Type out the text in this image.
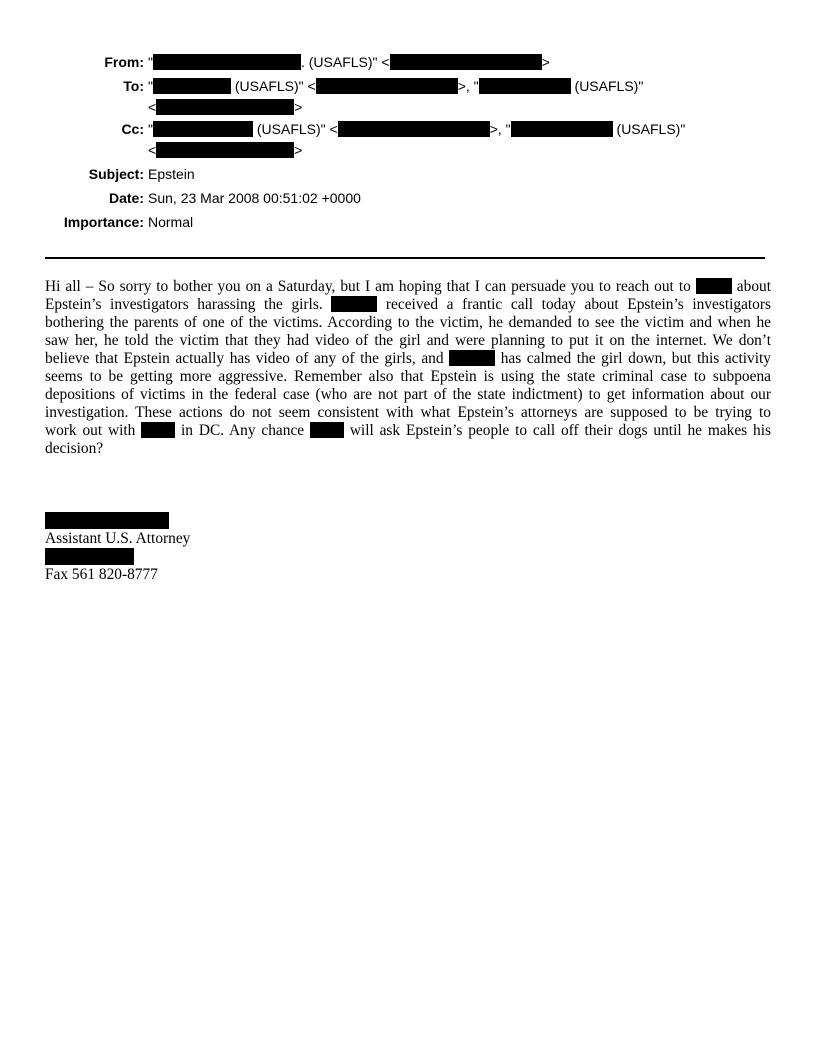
From: "	. (USAFLS)" <	>
To: "	(USAFLS)" <	>, "	(USAFLS)"
<	>
Cc: "	(USAFLS)" <	>, "	(USAFLS)"
<	>
Subject: Epstein
Date: Sun, 23 Mar 2008 00:51:02 +0000
Importance: Normal
Hi all – So sorry to bother you on a Saturday, but I am hoping that I can persuade you to reach out to	about
Epstein’s investigators harassing the girls.	received a frantic call today about Epstein’s investigators
bothering the parents of one of the victims. According to the victim, he demanded to see the victim and when he
saw her, he told the victim that they had video of the girl and were planning to put it on the internet. We don’t
believe that Epstein actually has video of any of the girls, and	has calmed the girl down, but this activity
seems to be getting more aggressive. Remember also that Epstein is using the state criminal case to subpoena
depositions of victims in the federal case (who are not part of the state indictment) to get information about our
investigation. These actions do not seem consistent with what Epstein’s attorneys are supposed to be trying to
work out with	in DC. Any chance	will ask Epstein’s people to call off their dogs until he makes his
decision?
Assistant U.S. Attorney
Fax 561 820-8777
